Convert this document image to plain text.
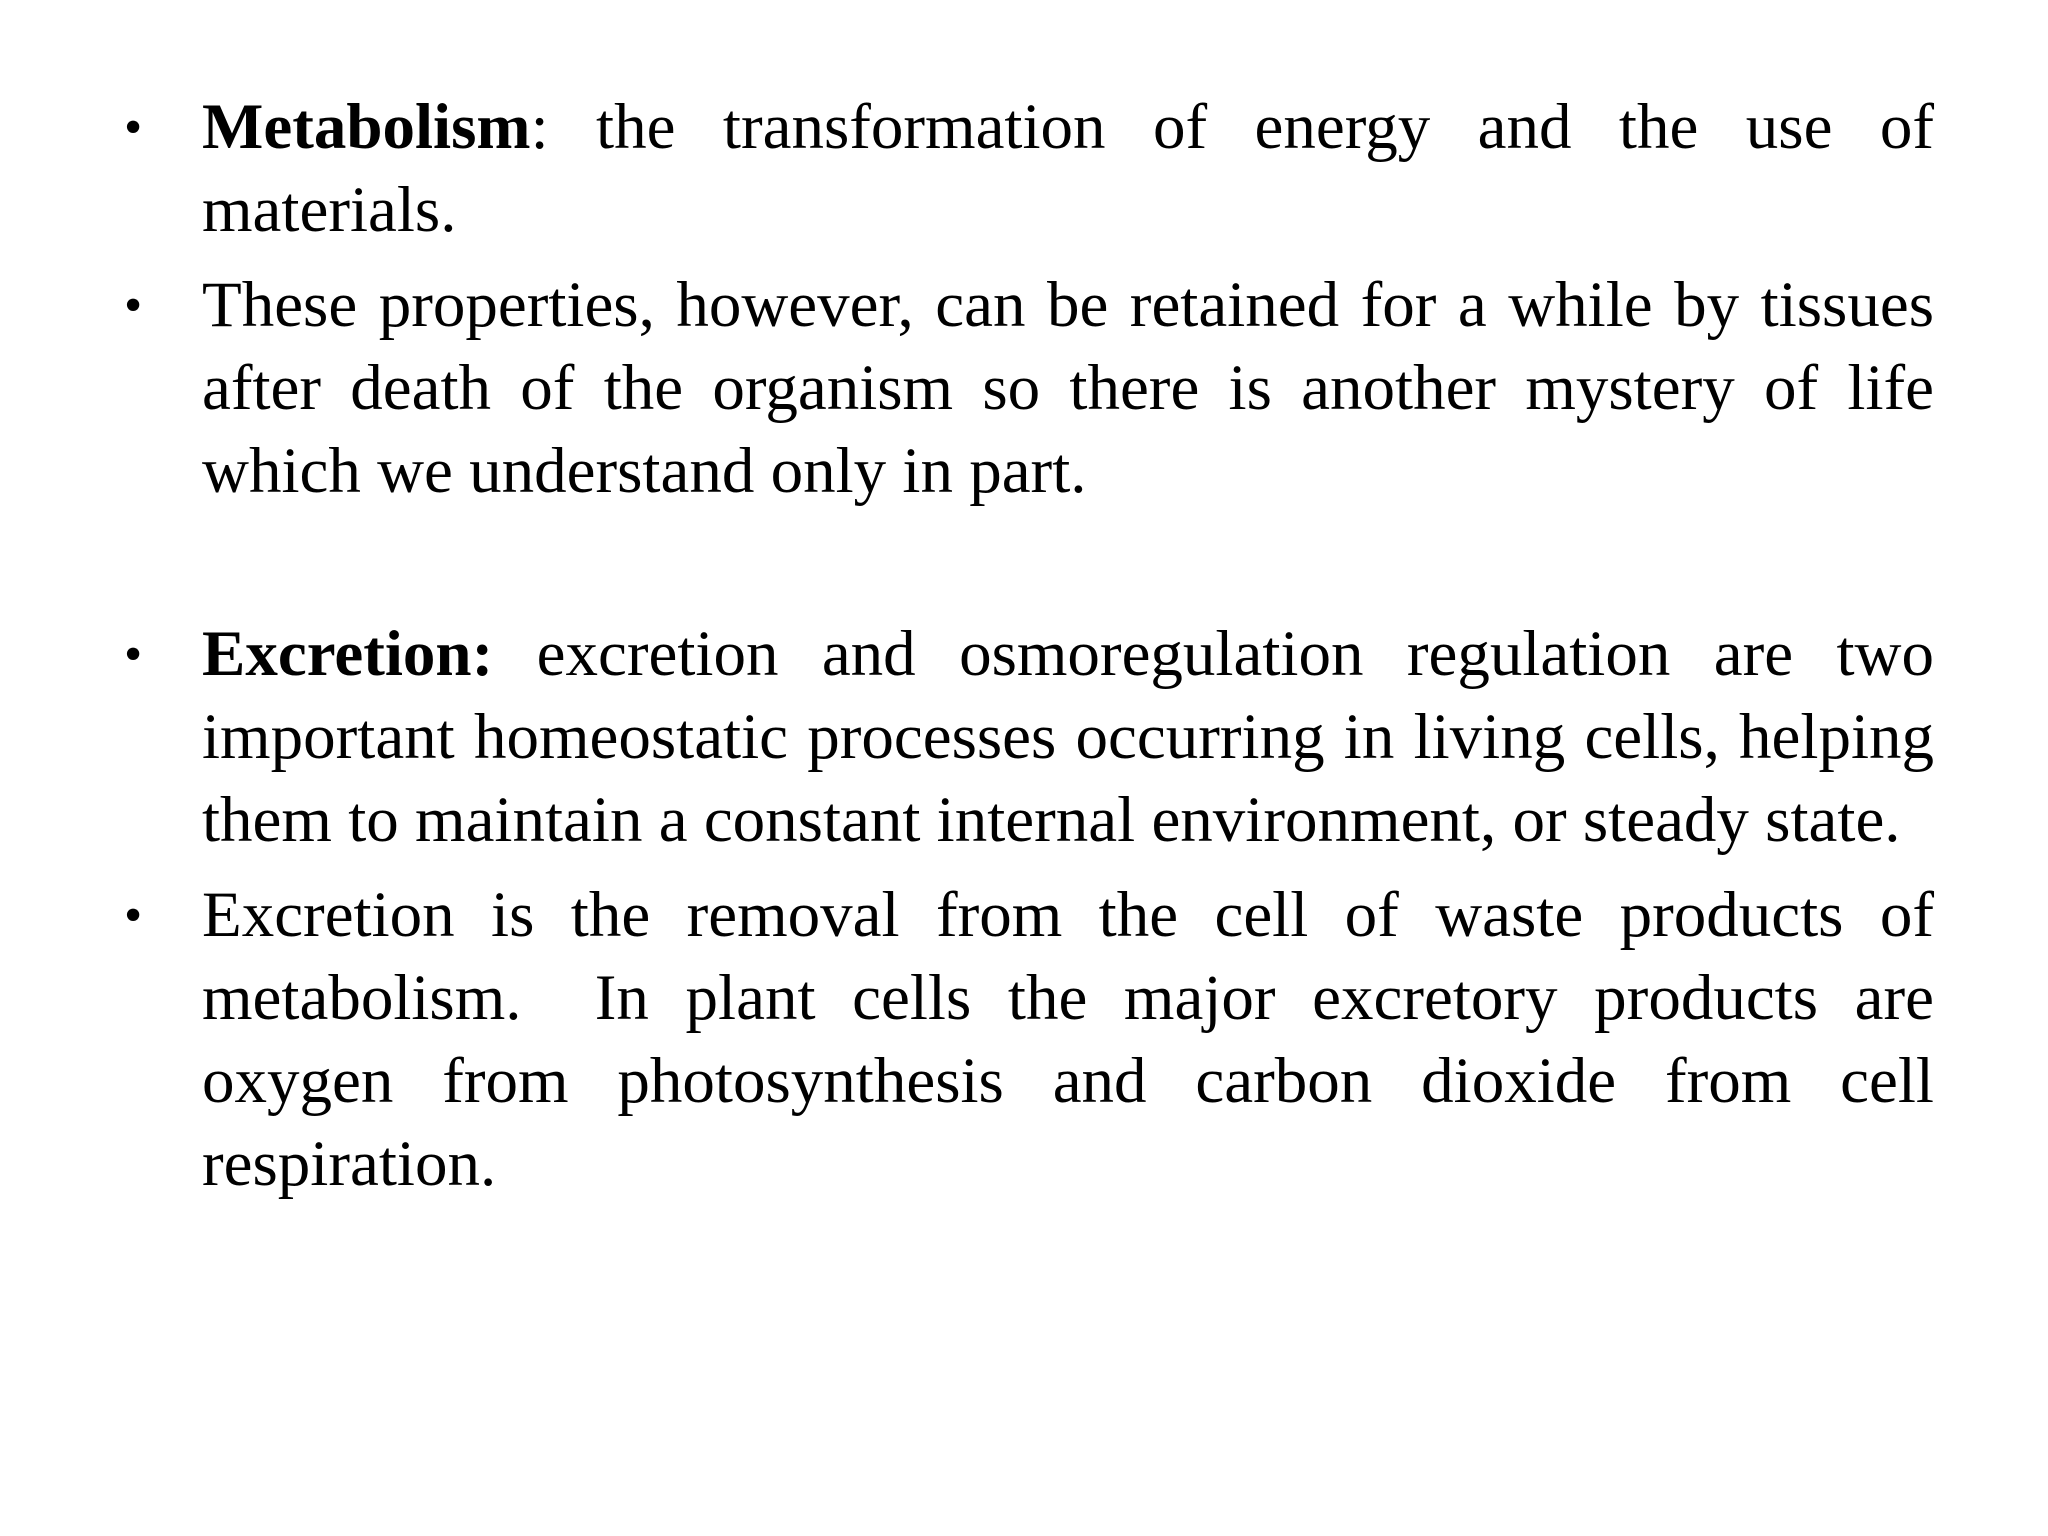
• Metabolism: the transformation of energy and the use of materials.
• These properties, however, can be retained for a while by tissues after death of the organism so there is another mystery of life which we understand only in part.
• Excretion: excretion and osmoregulation regulation are two important homeostatic processes occurring in living cells, helping them to maintain a constant internal environment, or steady state.
• Excretion is the removal from the cell of waste products of metabolism.  In plant cells the major excretory products are oxygen from photosynthesis and carbon dioxide from cell respiration.
